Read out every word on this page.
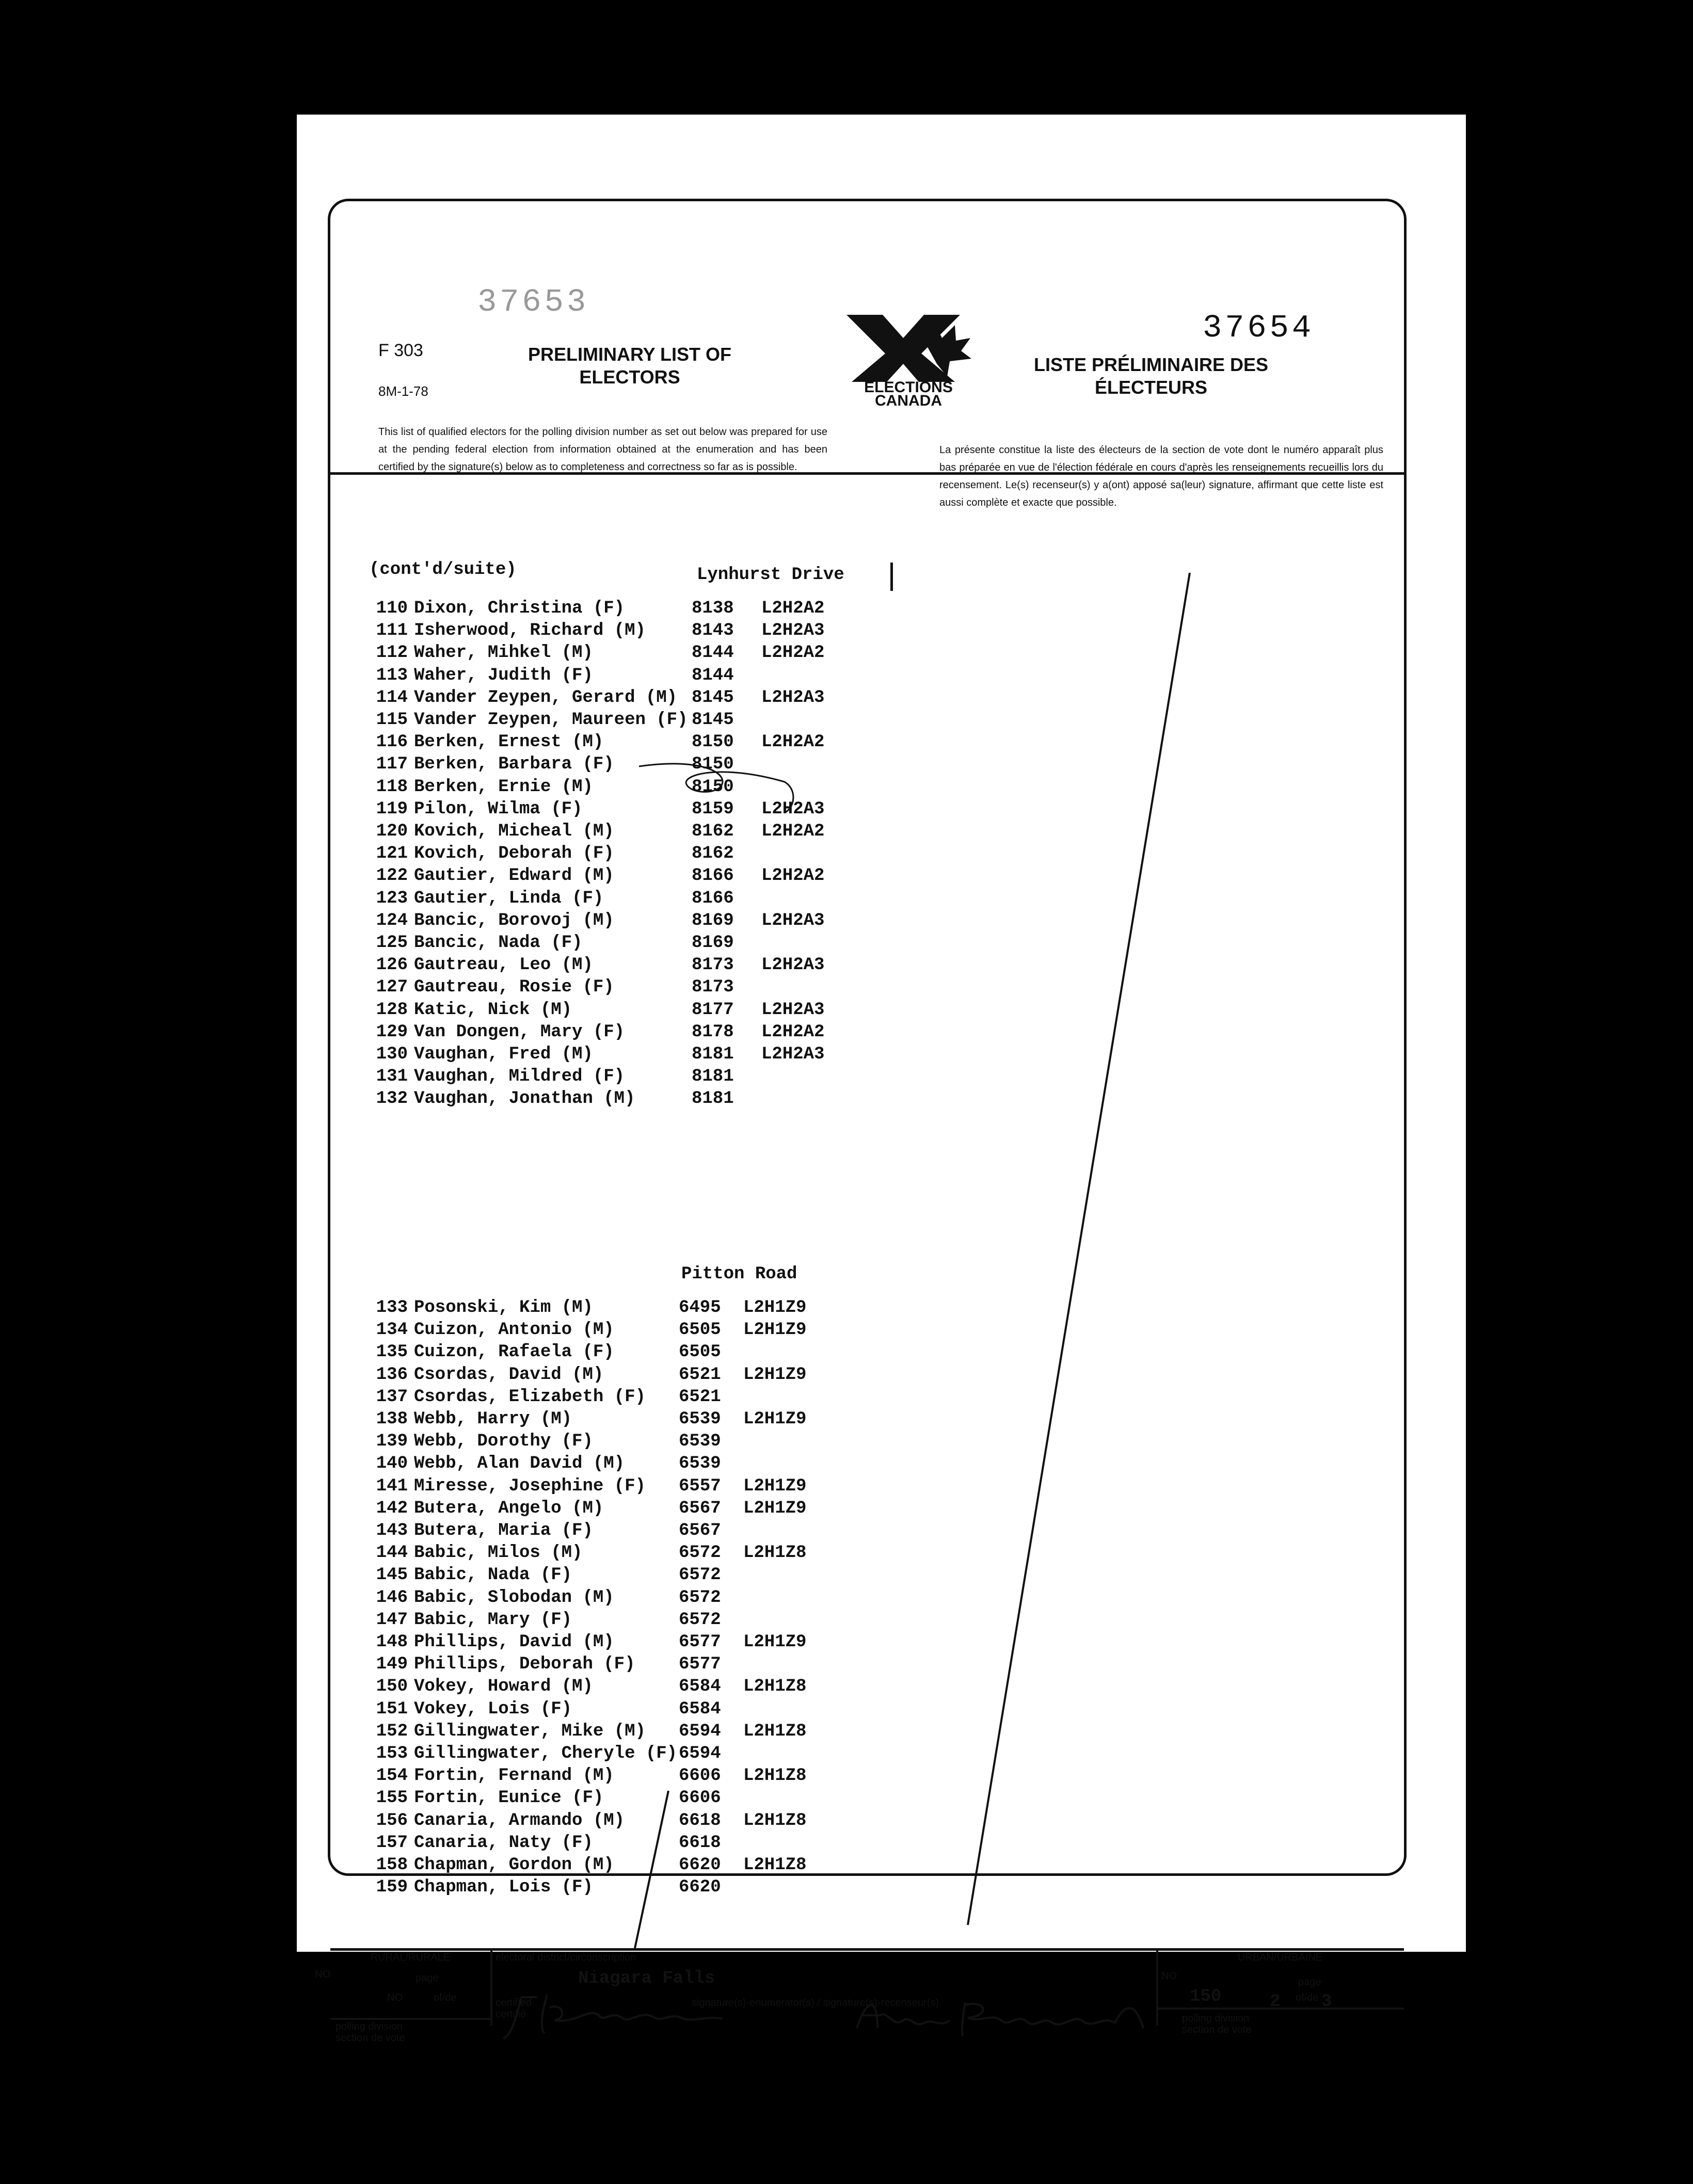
37653
F 303
8M-1-78
PRELIMINARY LIST OF
ELECTORS	ELECTIONS
CANADA
37654
LISTE PRÉLIMINAIRE DES
ÉLECTEURS
This list of qualified electors for the polling division number as set out below was prepared for use at the pending federal election from information obtained at the enumeration and has been certified by the signature(s) below as to completeness and correctness so far as is possible.
La présente constitue la liste des électeurs de la section de vote dont le numéro apparaît plus bas préparée en vue de l'élection fédérale en cours d'après les renseignements recueillis lors du recensement. Le(s) recenseur(s) y a(ont) apposé sa(leur) signature, affirmant que cette liste est aussi complète et exacte que possible.
(cont'd/suite)
110 Dixon, Christina (F)	8138 L2H2A2
111 Isherwood, Richard (M)	8143 L2H2A3
112 Waher, Mihkel (M)	8144 L2H2A2
113 Waher, Judith (F)	8144
114 Vander Zeypen, Gerard (M) 8145 L2H2A3
115 Vander Zeypen, Maureen (F) 8145
116 Berken, Ernest (M)	8150 L2H2A2
117 Berken, Barbara (F)	8150
118 Berken, Ernie (M)	8150
119 Pilon, Wilma (F)	8159 L2H2A3
120 Kovich, Micheal (M)	8162 L2H2A2
121 Kovich, Deborah (F)	8162
122 Gautier, Edward (M)	8166 L2H2A2
123 Gautier, Linda (F)	8166
124 Bancic, Borovoj (M)	8169 L2H2A3
125 Bancic, Nada (F)	8169
126 Gautreau, Leo (M)	8173 L2H2A3
127 Gautreau, Rosie (F)	8173
128 Katic, Nick (M)	8177 L2H2A3
129 Van Dongen, Mary (F)	8178 L2H2A2
130 Vaughan, Fred (M)	8181 L2H2A3
131 Vaughan, Mildred (F)	8181
132 Vaughan, Jonathan (M)	8181
133 Posonski, Kim (M)	6495 L2H1Z9
134 Cuizon, Antonio (M)	6505 L2H1Z9
135 Cuizon, Rafaela (F)	6505
136 Csordas, David (M)	6521 L2H1Z9
137 Csordas, Elizabeth (F) 6521
138 Webb, Harry (M)	6539 L2H1Z9
139 Webb, Dorothy (F)	6539
140 Webb, Alan David (M)	6539
141 Miresse, Josephine (F) 6557 L2H1Z9
142 Butera, Angelo (M)	6567 L2H1Z9
143 Butera, Maria (F)	6567
144 Babic, Milos (M)	6572 L2H1Z8
145 Babic, Nada (F)	6572
146 Babic, Slobodan (M)	6572
147 Babic, Mary (F)	6572
148 Phillips, David (M)	6577 L2H1Z9
149 Phillips, Deborah (F) 6577
150 Vokey, Howard (M)	6584 L2H1Z8
151 Vokey, Lois (F)	6584
152 Gillingwater, Mike (M) 6594 L2H1Z8
153 Gillingwater, Cheryle (F) 6594
154 Fortin, Fernand (M)	6606 L2H1Z8
155 Fortin, Eunice (F)	6606
156 Canaria, Armando (M)	6618 L2H1Z8
157 Canaria, Naty (F)	6618
158 Chapman, Gordon (M)	6620 L2H1Z8
159 Chapman, Lois (F)	6620
RURAL/RURALE
NO	page
NO	of/de
polling division
section de vote
electoral district/circonscription
Niagara Falls
certified
certifié
signature(s)-enumerator(s) / signature(s)-recenseur(s)
URBAN/URBAINE
NO
page
150	2 of/de 3
polling division
section de vote
J.K. Stevens
Anne Popovich
Lynhurst Drive
Pitton Road
